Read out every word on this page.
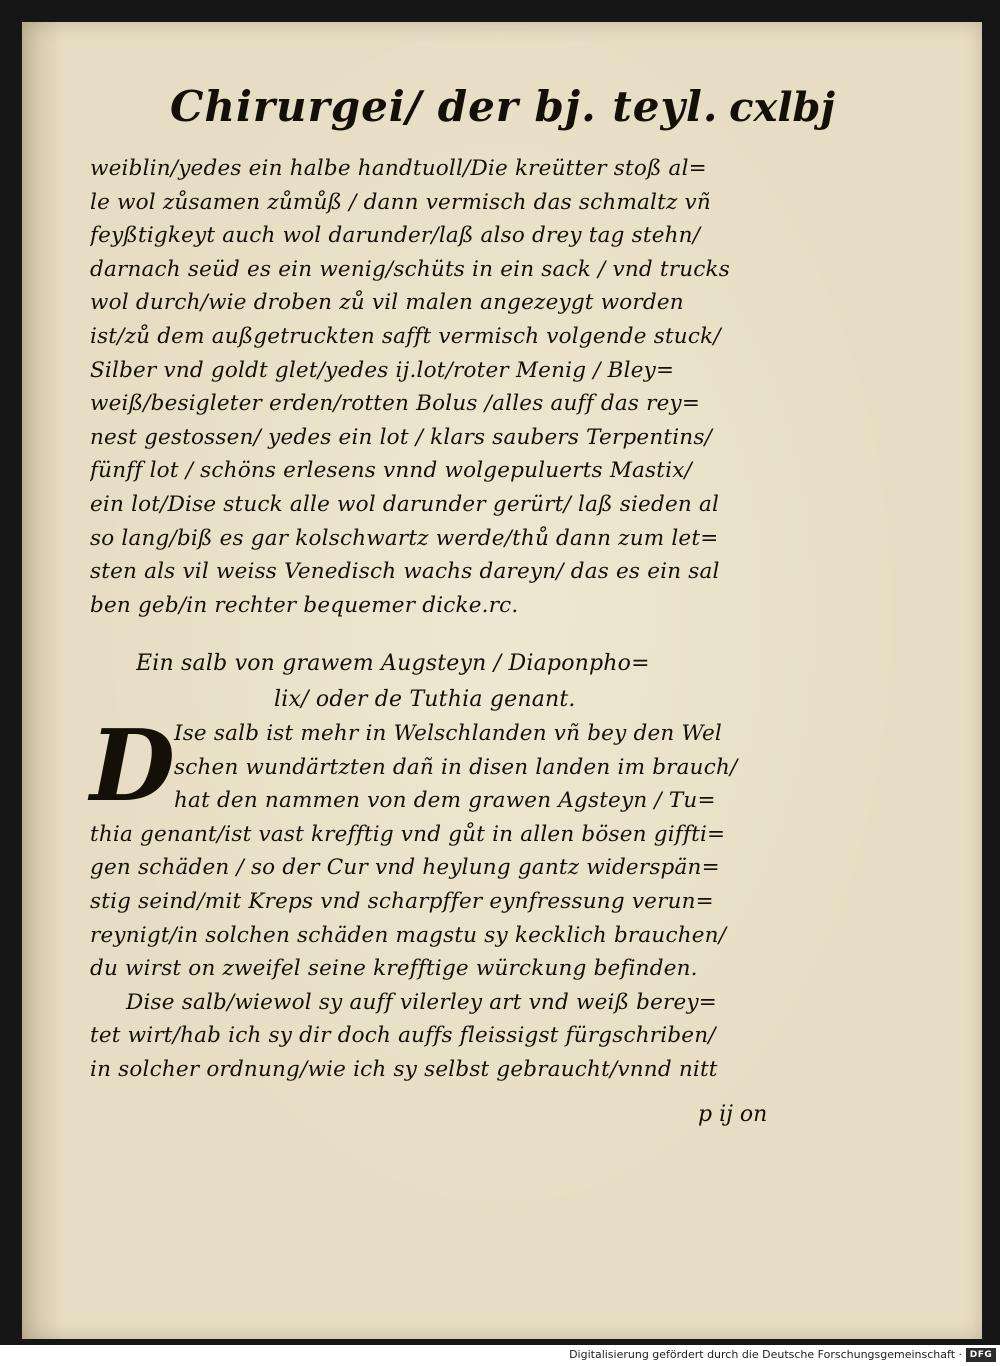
Chirurgei/ der bj. teyl. cxlbj
weiblin/yedes ein halbe handtuoll/Die kreütter stoß al=
le wol zůsamen zůmůß / dann vermisch das schmaltz vñ
feyßtigkeyt auch wol darunder/laß also drey tag stehn/
darnach seüd es ein wenig/schüts in ein sack / vnd trucks
wol durch/wie droben zů vil malen angezeygt worden
ist/zů dem außgetruckten safft vermisch volgende stuck/
Silber vnd goldt glet/yedes ij.lot/roter Menig / Bley=
weiß/besigleter erden/rotten Bolus /alles auff das rey=
nest gestossen/ yedes ein lot / klars saubers Terpentins/
fünff lot / schöns erlesens vnnd wolgepuluerts Mastix/
ein lot/Dise stuck alle wol darunder gerürt/ laß sieden al
so lang/biß es gar kolschwartz werde/thů dann zum let=
sten als vil weiss Venedisch wachs dareyn/ das es ein sal
ben geb/in rechter bequemer dicke.rc.
Ein salb von grawem Augsteyn / Diaponpho=
lix/ oder de Tuthia genant.
D Ise salb ist mehr in Welschlanden vñ bey den Wel
schen wundärtzten dañ in disen landen im brauch/
hat den nammen von dem grawen Agsteyn / Tu=
thia genant/ist vast krefftig vnd gůt in allen bösen giffti=
gen schäden / so der Cur vnd heylung gantz widerspän=
stig seind/mit Kreps vnd scharpffer eynfressung verun=
reynigt/in solchen schäden magstu sy kecklich brauchen/
du wirst on zweifel seine krefftige würckung befinden.
Dise salb/wiewol sy auff vilerley art vnd weiß berey=
tet wirt/hab ich sy dir doch auffs fleissigst fürgschriben/
in solcher ordnung/wie ich sy selbst gebraucht/vnnd nitt
p ij on
Digitalisierung gefördert durch die Deutsche Forschungsgemeinschaft · DFG
